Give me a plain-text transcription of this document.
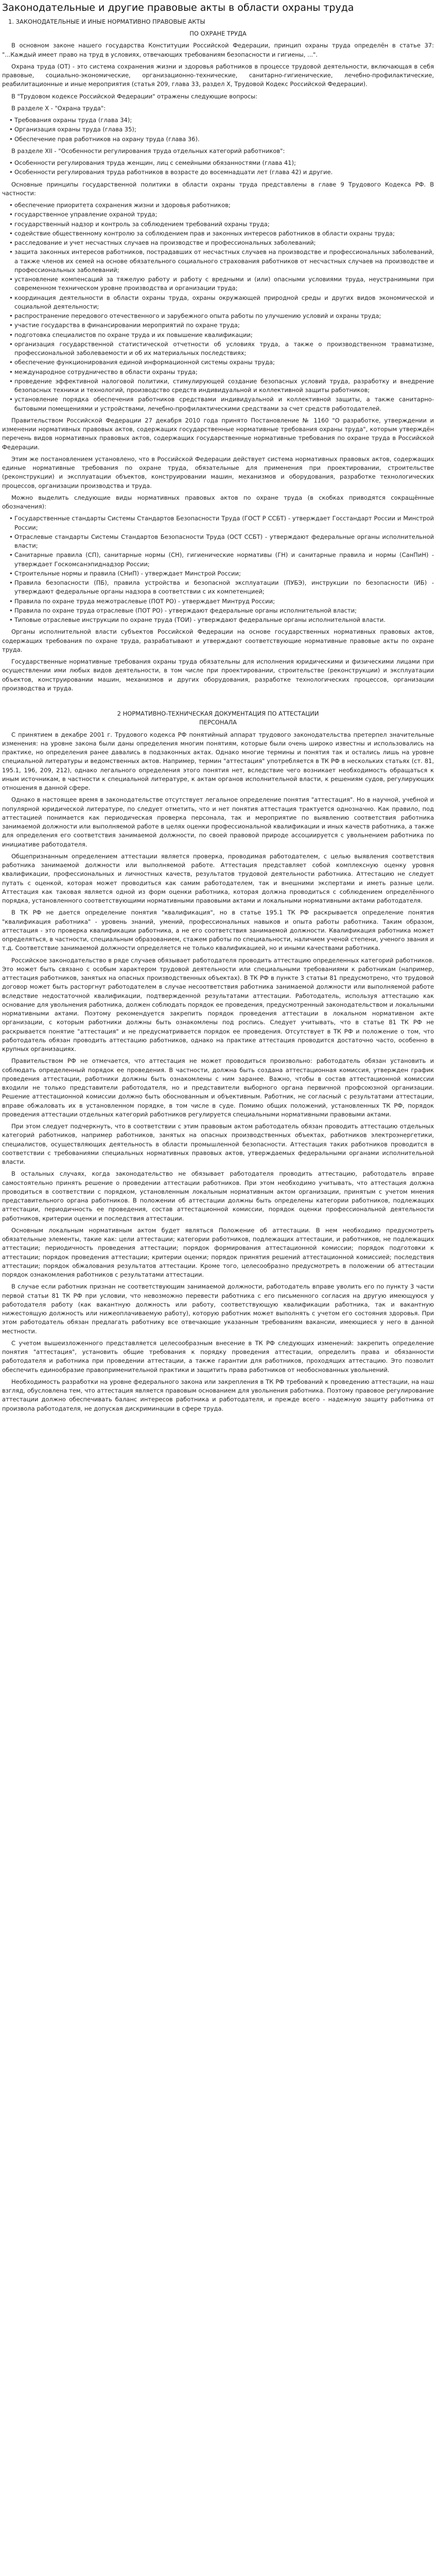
Законодательные и другие правовые акты в области охраны труда
1. ЗАКОНОДАТЕЛЬНЫЕ И ИНЫЕ НОРМАТИВНО ПРАВОВЫЕ АКТЫ
ПО ОХРАНЕ ТРУДА

В основном законе нашего государства Конституции Российской Федерации, принцип охраны труда определён в статье 37: "...Каждый имеет право на труд в условиях, отвечающих требованиям безопасности и гигиены, ...".

Охрана труда (ОТ) - это система сохранения жизни и здоровья работников в процессе трудовой деятельности, включающая в себя правовые, социально-экономические, организационно-технические, санитарно-гигиенические, лечебно-профилактические, реабилитационные и иные мероприятия (статья 209, глава 33, раздел X, Трудовой Кодекс Российской Федерации).

В "Трудовом кодексе Российской Федерации" отражены следующие вопросы:

В разделе X - "Охрана труда":

• Требования охраны труда (глава 34);
• Организация охраны труда (глава 35);
• Обеспечение прав работников на охрану труда (глава 36).

В разделе XII - "Особенности регулирования труда отдельных категорий работников":

• Особенности регулирования труда женщин, лиц с семейными обязанностями (глава 41);
• Особенности регулирования труда работников в возрасте до восемнадцати лет (глава 42) и другие.

Основные принципы государственной политики в области охраны труда представлены в главе 9 Трудового Кодекса РФ. В частности:

• обеспечение приоритета сохранения жизни и здоровья работников;
• государственное управление охраной труда;
• государственный надзор и контроль за соблюдением требований охраны труда;
• содействие общественному контролю за соблюдением прав и законных интересов работников в области охраны труда;
• расследование и учет несчастных случаев на производстве и профессиональных заболеваний;
• защита законных интересов работников, пострадавших от несчастных случаев на производстве и профессиональных заболеваний, а также членов их семей на основе обязательного социального страхования работников от несчастных случаев на производстве и профессиональных заболеваний;
• установление компенсаций за тяжелую работу и работу с вредными и (или) опасными условиями труда, неустранимыми при современном техническом уровне производства и организации труда;
• координация деятельности в области охраны труда, охраны окружающей природной среды и других видов экономической и социальной деятельности;
• распространение передового отечественного и зарубежного опыта работы по улучшению условий и охраны труда;
• участие государства в финансировании мероприятий по охране труда;
• подготовка специалистов по охране труда и их повышение квалификации;
• организация государственной статистической отчетности об условиях труда, а также о производственном травматизме, профессиональной заболеваемости и об их материальных последствиях;
• обеспечение функционирования единой информационной системы охраны труда;
• международное сотрудничество в области охраны труда;
• проведение эффективной налоговой политики, стимулирующей создание безопасных условий труда, разработку и внедрение безопасных техники и технологий, производство средств индивидуальной и коллективной защиты работников;
• установление порядка обеспечения работников средствами индивидуальной и коллективной защиты, а также санитарно-бытовыми помещениями и устройствами, лечебно-профилактическими средствами за счет средств работодателей.

Правительством Российской Федерации 27 декабря 2010 года принято Постановление № 1160 "О разработке, утверждении и изменении нормативных правовых актов, содержащих государственные нормативные требования охраны труда", которым утверждён перечень видов нормативных правовых актов, содержащих государственные нормативные требования по охране труда в Российской Федерации.

Этим же постановлением установлено, что в Российской Федерации действует система нормативных правовых актов, содержащих единые нормативные требования по охране труда, обязательные для применения при проектировании, строительстве (реконструкции) и эксплуатации объектов, конструировании машин, механизмов и оборудования, разработке технологических процессов, организации производства и труда.

Можно выделить следующие виды нормативных правовых актов по охране труда (в скобках приводятся сокращённые обозначения):

• Государственные стандарты Системы Стандартов Безопасности Труда (ГОСТ Р ССБТ) - утверждает Госстандарт России и Минстрой России;
• Отраслевые стандарты Системы Стандартов Безопасности Труда (ОСТ ССБТ) - утверждают федеральные органы исполнительной власти;
• Санитарные правила (СП), санитарные нормы (СН), гигиенические нормативы (ГН) и санитарные правила и нормы (СанПиН) - утверждает Госкомсанэпиднадзор России;
• Строительные нормы и правила (СНиП) - утверждает Минстрой России;
• Правила безопасности (ПБ), правила устройства и безопасной эксплуатации (ПУБЭ), инструкции по безопасности (ИБ) - утверждают федеральные органы надзора в соответствии с их компетенцией;
• Правила по охране труда межотраслевые (ПОТ РО) - утверждает Минтруд России;
• Правила по охране труда отраслевые (ПОТ РО) - утверждают федеральные органы исполнительной власти;
• Типовые отраслевые инструкции по охране труда (ТОИ) - утверждают федеральные органы исполнительной власти.

Органы исполнительной власти субъектов Российской Федерации на основе государственных нормативных правовых актов, содержащих требования по охране труда, разрабатывают и утверждают соответствующие нормативные правовые акты по охране труда.

Государственные нормативные требования охраны труда обязательны для исполнения юридическими и физическими лицами при осуществлении ими любых видов деятельности, в том числе при проектировании, строительстве (реконструкции) и эксплуатации объектов, конструировании машин, механизмов и других оборудования, разработке технологических процессов, организации производства и труда.

2 НОРМАТИВНО-ТЕХНИЧЕСКАЯ ДОКУМЕНТАЦИЯ ПО АТТЕСТАЦИИ
ПЕРСОНАЛА

С принятием в декабре 2001 г. Трудового кодекса РФ понятийный аппарат трудового законодательства претерпел значительные изменения: на уровне закона были даны определения многим понятиям, которые были очень широко известны и использовались на практике, но определения ранее давались в подзаконных актах. Однако многие термины и понятия так и остались лишь на уровне специальной литературы и ведомственных актов. Например, термин "аттестация" употребляется в ТК РФ в нескольких статьях (ст. 81, 195.1, 196, 209, 212), однако легального определения этого понятия нет, вследствие чего возникает необходимость обращаться к иным источникам, в частности к специальной литературе, к актам органов исполнительной власти, к решениям судов, регулирующих отношения в данной сфере.

Однако в настоящее время в законодательстве отсутствует легальное определение понятия "аттестация". Но в научной, учебной и популярной юридической литературе, по следует отметить, что и нет понятия аттестация трактуется однозначно. Как правило, под аттестацией понимается как периодическая проверка персонала, так и мероприятие по выявлению соответствия работника занимаемой должности или выполняемой работе в целях оценки профессиональной квалификации и иных качеств работника, а также для определения его соответствия занимаемой должности, по своей правовой природе ассоциируется с увольнением работника по инициативе работодателя.

Общепризнанным определением аттестации является проверка, проводимая работодателем, с целью выявления соответствия работника занимаемой должности или выполняемой работе. Аттестация представляет собой комплексную оценку уровня квалификации, профессиональных и личностных качеств, результатов трудовой деятельности работника. Аттестацию не следует путать с оценкой, которая может проводиться как самим работодателем, так и внешними экспертами и иметь разные цели. Аттестация как таковая является одной из форм оценки работника, которая должна проводиться с соблюдением определённого порядка, установленного соответствующими нормативными правовыми актами и локальными нормативными актами работодателя.

В ТК РФ не дается определение понятия "квалификация", но в статье 195.1 ТК РФ раскрывается определение понятия "квалификация работника" - уровень знаний, умений, профессиональных навыков и опыта работы работника. Таким образом, аттестация - это проверка квалификации работника, а не его соответствия занимаемой должности. Квалификация работника может определяться, в частности, специальным образованием, стажем работы по специальности, наличием ученой степени, ученого звания и т.д. Соответствие занимаемой должности определяется не только квалификацией, но и иными качествами работника.

Российское законодательство в ряде случаев обязывает работодателя проводить аттестацию определенных категорий работников. Это может быть связано с особым характером трудовой деятельности или специальными требованиями к работникам (например, аттестация работников, занятых на опасных производственных объектах). В ТК РФ в пункте 3 статьи 81 предусмотрено, что трудовой договор может быть расторгнут работодателем в случае несоответствия работника занимаемой должности или выполняемой работе вследствие недостаточной квалификации, подтвержденной результатами аттестации. Работодатель, используя аттестацию как основание для увольнения работника, должен соблюдать порядок ее проведения, предусмотренный законодательством и локальными нормативными актами. Поэтому рекомендуется закрепить порядок проведения аттестации в локальном нормативном акте организации, с которым работники должны быть ознакомлены под роспись. Следует учитывать, что в статье 81 ТК РФ не раскрывается понятие "аттестация" и не предусматривается порядок ее проведения. Отсутствует в ТК РФ и положение о том, что работодатель обязан проводить аттестацию работников, однако на практике аттестация проводится достаточно часто, особенно в крупных организациях.

Правительством РФ не отмечается, что аттестация не может проводиться произвольно: работодатель обязан установить и соблюдать определенный порядок ее проведения. В частности, должна быть создана аттестационная комиссия, утвержден график проведения аттестации, работники должны быть ознакомлены с ним заранее. Важно, чтобы в состав аттестационной комиссии входили не только представители работодателя, но и представители выборного органа первичной профсоюзной организации. Решение аттестационной комиссии должно быть обоснованным и объективным. Работник, не согласный с результатами аттестации, вправе обжаловать их в установленном порядке, в том числе в суде. Помимо общих положений, установленных ТК РФ, порядок проведения аттестации отдельных категорий работников регулируется специальными нормативными правовыми актами.

При этом следует подчеркнуть, что в соответствии с этим правовым актом работодатель обязан проводить аттестацию отдельных категорий работников, например работников, занятых на опасных производственных объектах, работников электроэнергетики, специалистов, осуществляющих деятельность в области промышленной безопасности. Аттестация таких работников проводится в соответствии с требованиями специальных нормативных правовых актов, утверждаемых федеральными органами исполнительной власти.

В остальных случаях, когда законодательство не обязывает работодателя проводить аттестацию, работодатель вправе самостоятельно принять решение о проведении аттестации работников. При этом необходимо учитывать, что аттестация должна проводиться в соответствии с порядком, установленным локальным нормативным актом организации, принятым с учетом мнения представительного органа работников. В положении об аттестации должны быть определены категории работников, подлежащих аттестации, периодичность ее проведения, состав аттестационной комиссии, порядок оценки профессиональной деятельности работников, критерии оценки и последствия аттестации.

Основным локальным нормативным актом будет являться Положение об аттестации. В нем необходимо предусмотреть обязательные элементы, такие как: цели аттестации; категории работников, подлежащих аттестации, и работников, не подлежащих аттестации; периодичность проведения аттестации; порядок формирования аттестационной комиссии; порядок подготовки к аттестации; порядок проведения аттестации; критерии оценки; порядок принятия решений аттестационной комиссией; последствия аттестации; порядок обжалования результатов аттестации. Кроме того, целесообразно предусмотреть в положении об аттестации порядок ознакомления работников с результатами аттестации.

В случае если работник признан не соответствующим занимаемой должности, работодатель вправе уволить его по пункту 3 части первой статьи 81 ТК РФ при условии, что невозможно перевести работника с его письменного согласия на другую имеющуюся у работодателя работу (как вакантную должность или работу, соответствующую квалификации работника, так и вакантную нижестоящую должность или нижеоплачиваемую работу), которую работник может выполнять с учетом его состояния здоровья. При этом работодатель обязан предлагать работнику все отвечающие указанным требованиям вакансии, имеющиеся у него в данной местности.

С учетом вышеизложенного представляется целесообразным внесение в ТК РФ следующих изменений: закрепить определение понятия "аттестация", установить общие требования к порядку проведения аттестации, определить права и обязанности работодателя и работника при проведении аттестации, а также гарантии для работников, проходящих аттестацию. Это позволит обеспечить единообразие правоприменительной практики и защитить права работников от необоснованных увольнений.

Необходимость разработки на уровне федерального закона или закрепления в ТК РФ требований к проведению аттестации, на наш взгляд, обусловлена тем, что аттестация является правовым основанием для увольнения работника. Поэтому правовое регулирование аттестации должно обеспечивать баланс интересов работника и работодателя, и прежде всего - надежную защиту работника от произвола работодателя, не допуская дискриминации в сфере труда.
